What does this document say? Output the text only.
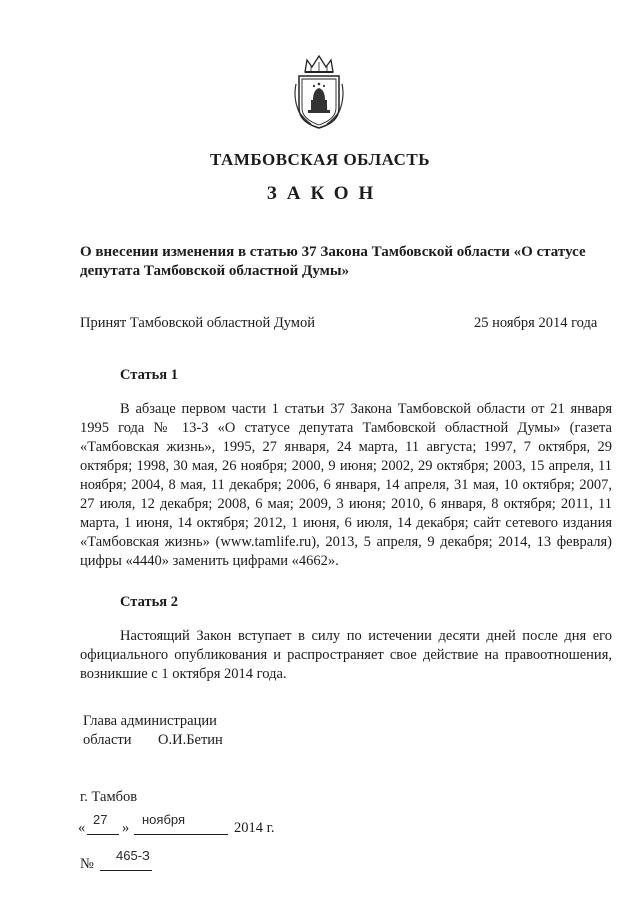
ТАМБОВСКАЯ ОБЛАСТЬ
ЗАКОН
О внесении изменения в статью 37 Закона Тамбовской области «О статусе депутата Тамбовской областной Думы»
Принят Тамбовской областной Думой	25 ноября 2014 года
Статья 1
В абзаце первом части 1 статьи 37 Закона Тамбовской области от 21 января 1995 года № 13-З «О статусе депутата Тамбовской областной Думы» (газета «Тамбовская жизнь», 1995, 27 января, 24 марта, 11 августа; 1997, 7 октября, 29 октября; 1998, 30 мая, 26 ноября; 2000, 9 июня; 2002, 29 октября; 2003, 15 апреля, 11 ноября; 2004, 8 мая, 11 декабря; 2006, 6 января, 14 апреля, 31 мая, 10 октября; 2007, 27 июля, 12 декабря; 2008, 6 мая; 2009, 3 июня; 2010, 6 января, 8 октября; 2011, 11 марта, 1 июня, 14 октября; 2012, 1 июня, 6 июля, 14 декабря; сайт сетевого издания «Тамбовская жизнь» (www.tamlife.ru), 2013, 5 апреля, 9 декабря; 2014, 13 февраля) цифры «4440» заменить цифрами «4662».
Статья 2
Настоящий Закон вступает в силу по истечении десяти дней после дня его официального опубликования и распространяет свое действие на правоотношения, возникшие с 1 октября 2014 года.
Глава администрации
области О.И.Бетин
г. Тамбов
«
27
»
ноября
2014 г.
№
465-З
